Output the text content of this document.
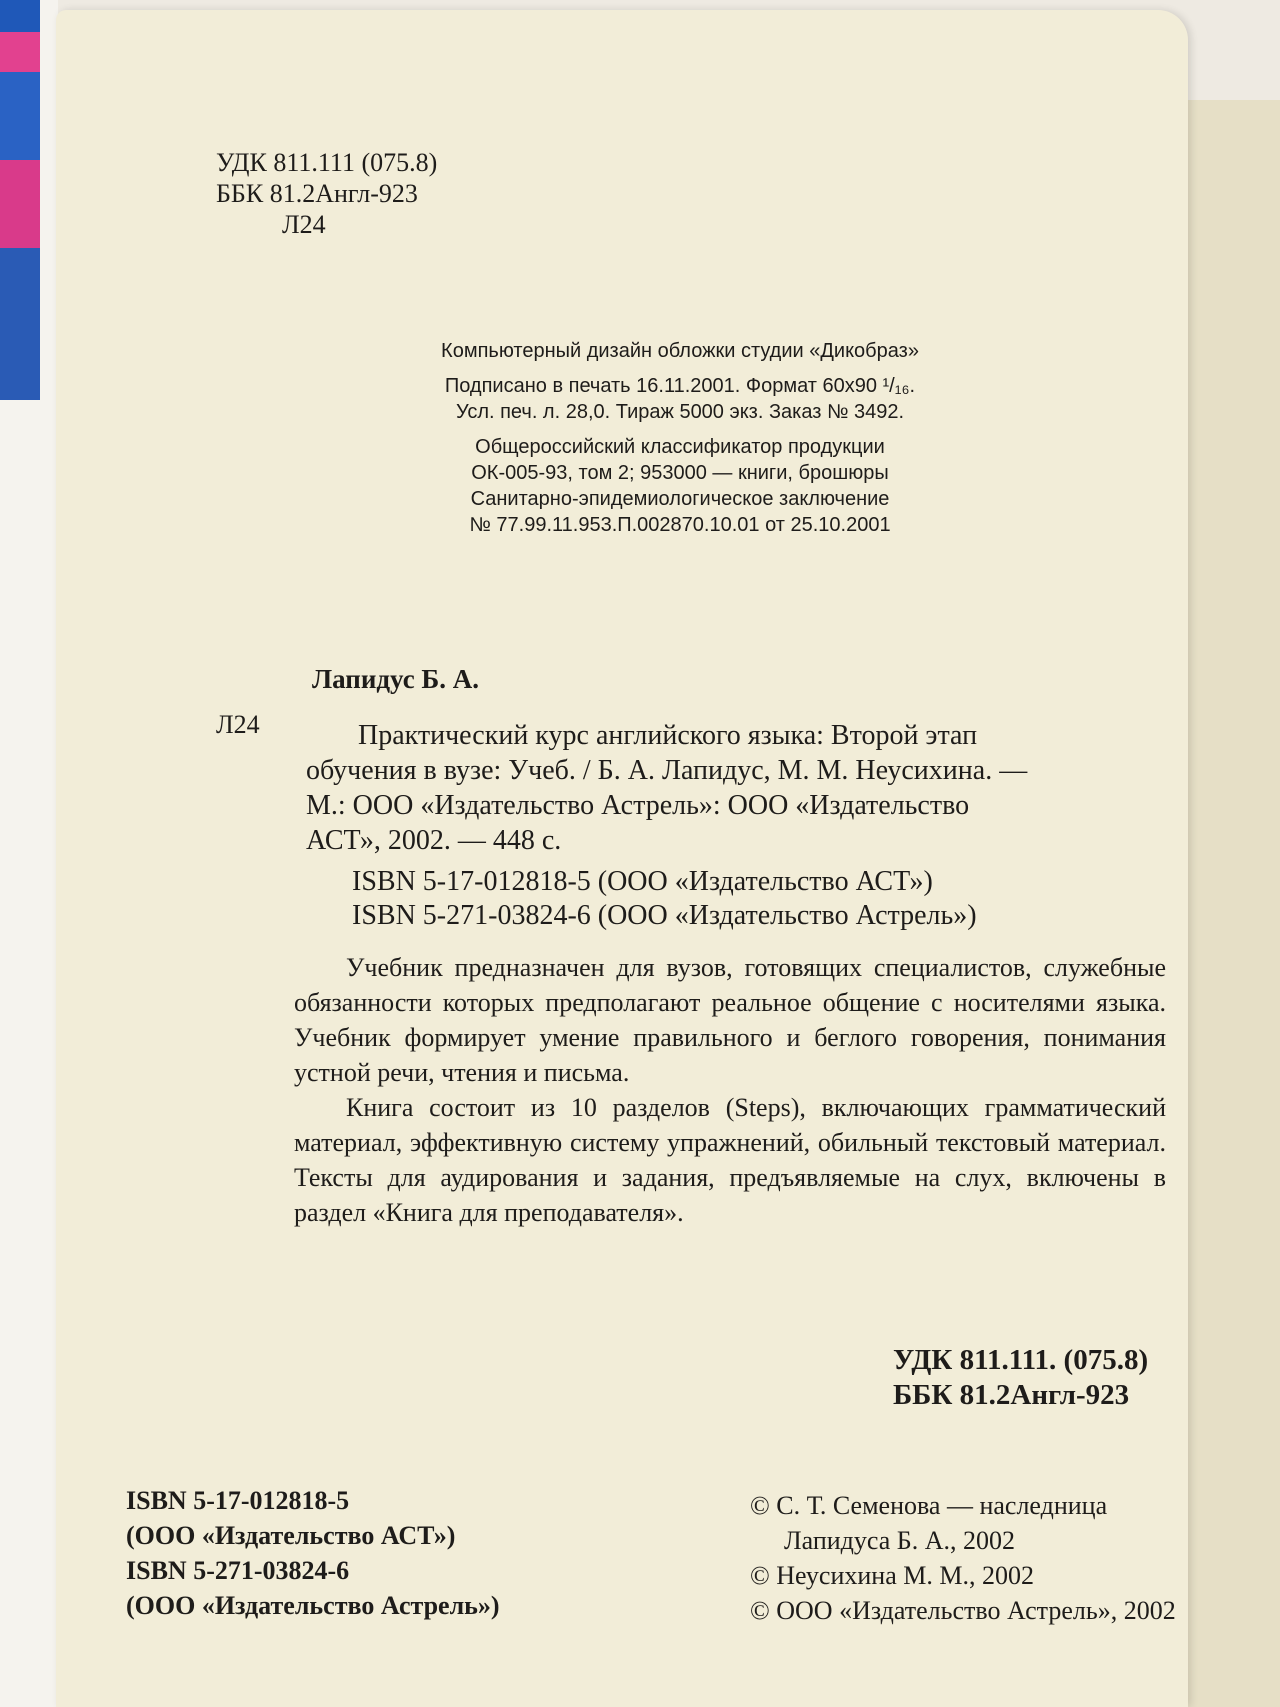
УДК 811.111 (075.8)
ББК 81.2Англ-923
Л24
Компьютерный дизайн обложки студии «Дикобраз»
Подписано в печать 16.11.2001. Формат 60х90 ¹/₁₆.
Усл. печ. л. 28,0. Тираж 5000 экз. Заказ № 3492.
Общероссийский классификатор продукции
ОК-005-93, том 2; 953000 — книги, брошюры
Санитарно-эпидемиологическое заключение
№ 77.99.11.953.П.002870.10.01 от 25.10.2001
Лапидус Б. А.
Л24	Практический курс английского языка: Второй этап
обучения в вузе: Учеб. / Б. А. Лапидус, М. М. Неусихина. —
М.: ООО «Издательство Астрель»: ООО «Издательство
АСТ», 2002. — 448 с.
ISBN 5-17-012818-5 (ООО «Издательство АСТ»)
ISBN 5-271-03824-6 (ООО «Издательство Астрель»)

Учебник предназначен для вузов, готовящих специалистов, служебные обязанности которых предполагают реальное общение с носителями языка. Учебник формирует умение правильного и беглого говорения, понимания устной речи, чтения и письма.

Книга состоит из 10 разделов (Steps), включающих грамматический материал, эффективную систему упражнений, обильный текстовый материал. Тексты для аудирования и задания, предъявляемые на слух, включены в раздел «Книга для преподавателя».

УДК 811.111. (075.8)
ББК 81.2Англ-923
ISBN 5-17-012818-5
(ООО «Издательство АСТ»)
ISBN 5-271-03824-6
(ООО «Издательство Астрель»)
© С. Т. Семенова — наследница
Лапидуса Б. А., 2002
© Неусихина М. М., 2002
© ООО «Издательство Астрель», 2002
